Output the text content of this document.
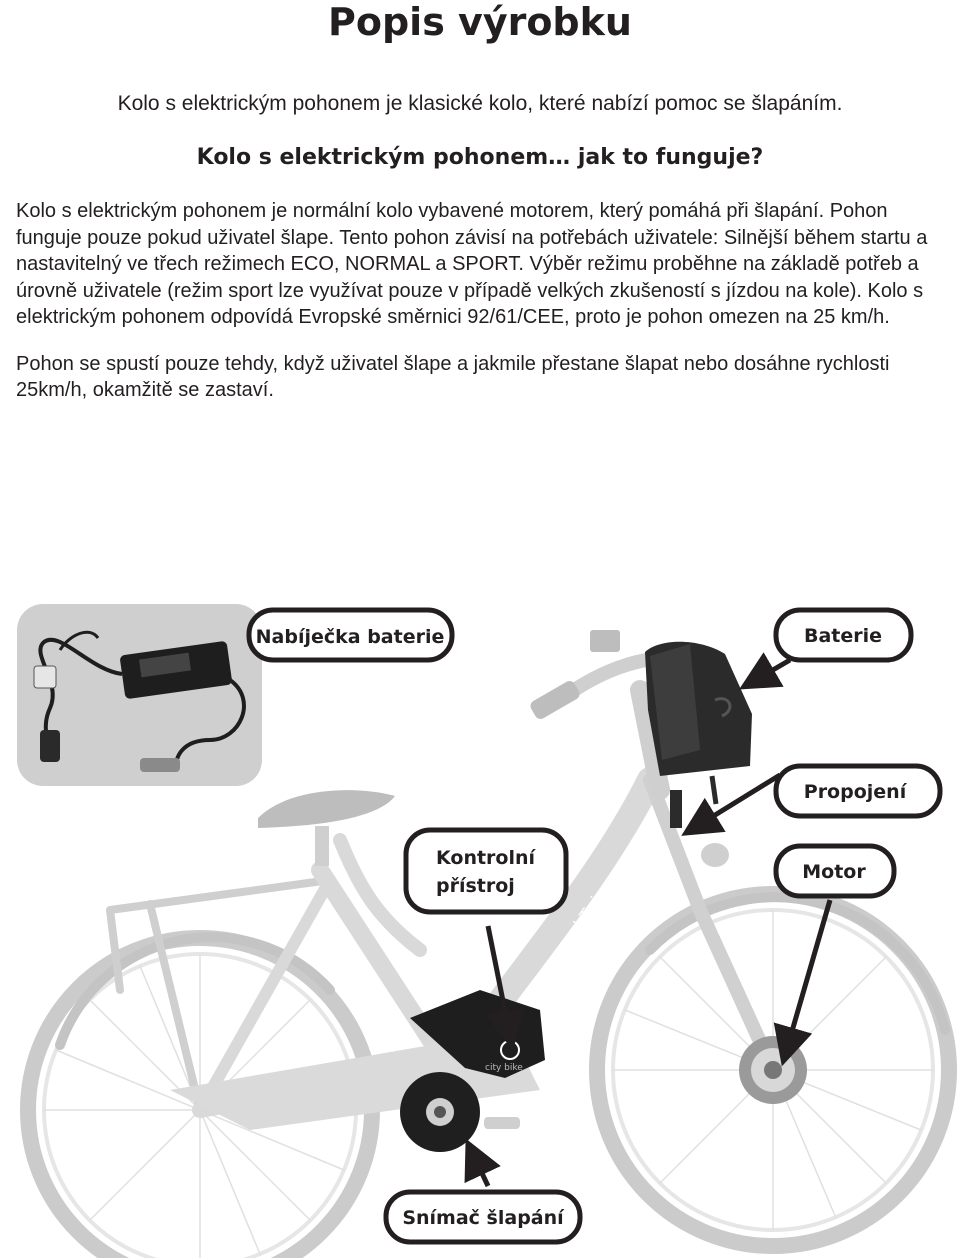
Popis výrobku
Kolo s elektrickým pohonem je klasické kolo, které nabízí pomoc se šlapáním.
Kolo s elektrickým pohonem… jak to funguje?

Kolo s elektrickým pohonem je normální kolo vybavené motorem, který pomáhá při šlapání. Pohon funguje pouze pokud uživatel šlape. Tento pohon závisí na potřebách uživatele: Silnější během startu a nastavitelný ve třech režimech ECO, NORMAL a SPORT. Výběr režimu proběhne na základě potřeb a úrovně uživatele (režim sport lze využívat pouze v případě velkých zkušeností s jízdou na kole). Kolo s elektrickým pohonem odpovídá Evropské směrnici 92/61/CEE, proto je pohon omezen na 25 km/h.

Pohon se spustí pouze tehdy, když uživatel šlape a jakmile přestane šlapat nebo dosáhne rychlosti 25km/h, okamžitě se zastaví.

city bike
bTwin
Nabíječka baterie	Baterie
Propojení
Kontrolní
přístroj
Motor
Snímač šlapání
